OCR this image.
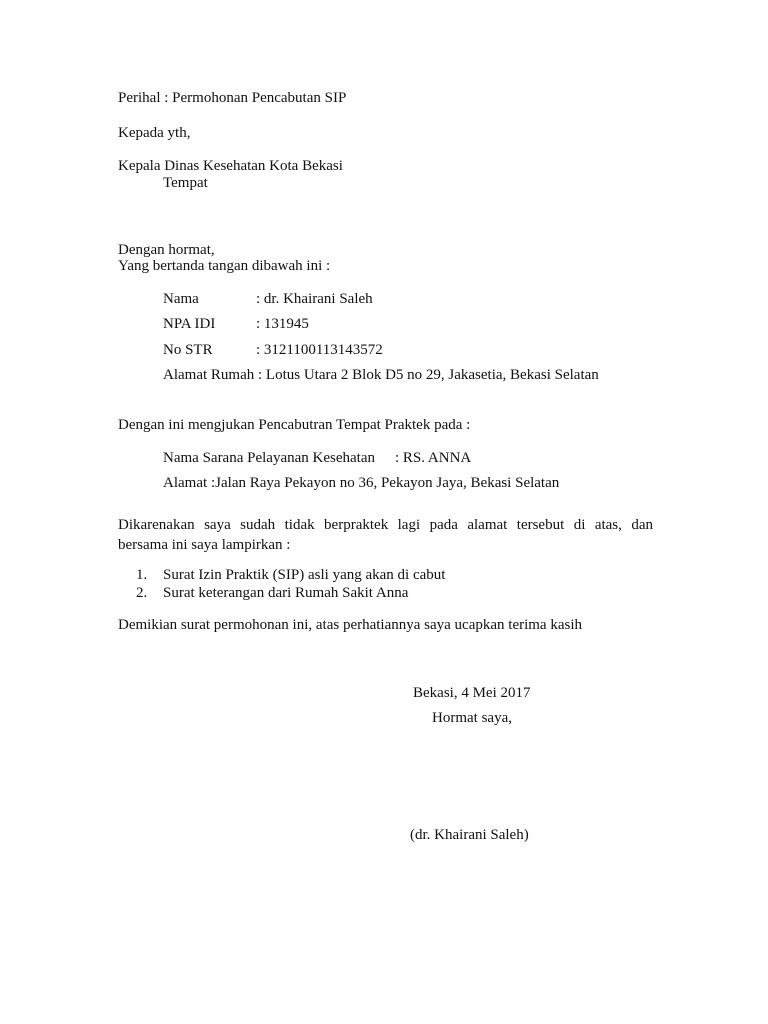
Perihal : Permohonan Pencabutan SIP
Kepada yth,
Kepala Dinas Kesehatan Kota Bekasi
Tempat
Dengan hormat,
Yang bertanda tangan dibawah ini :
Nama	: dr. Khairani Saleh
NPA IDI	: 131945
No STR	: 3121100113143572
Alamat Rumah : Lotus Utara 2 Blok D5 no 29, Jakasetia, Bekasi Selatan
Dengan ini mengjukan Pencabutran Tempat Praktek pada :
Nama Sarana Pelayanan Kesehatan : RS. ANNA
Alamat :Jalan Raya Pekayon no 36, Pekayon Jaya, Bekasi Selatan
Dikarenakan saya sudah tidak berpraktek lagi pada alamat tersebut di atas, dan
bersama ini saya lampirkan :
1. Surat Izin Praktik (SIP) asli yang akan di cabut
2. Surat keterangan dari Rumah Sakit Anna
Demikian surat permohonan ini, atas perhatiannya saya ucapkan terima kasih
Bekasi, 4 Mei 2017
Hormat saya,
(dr. Khairani Saleh)
